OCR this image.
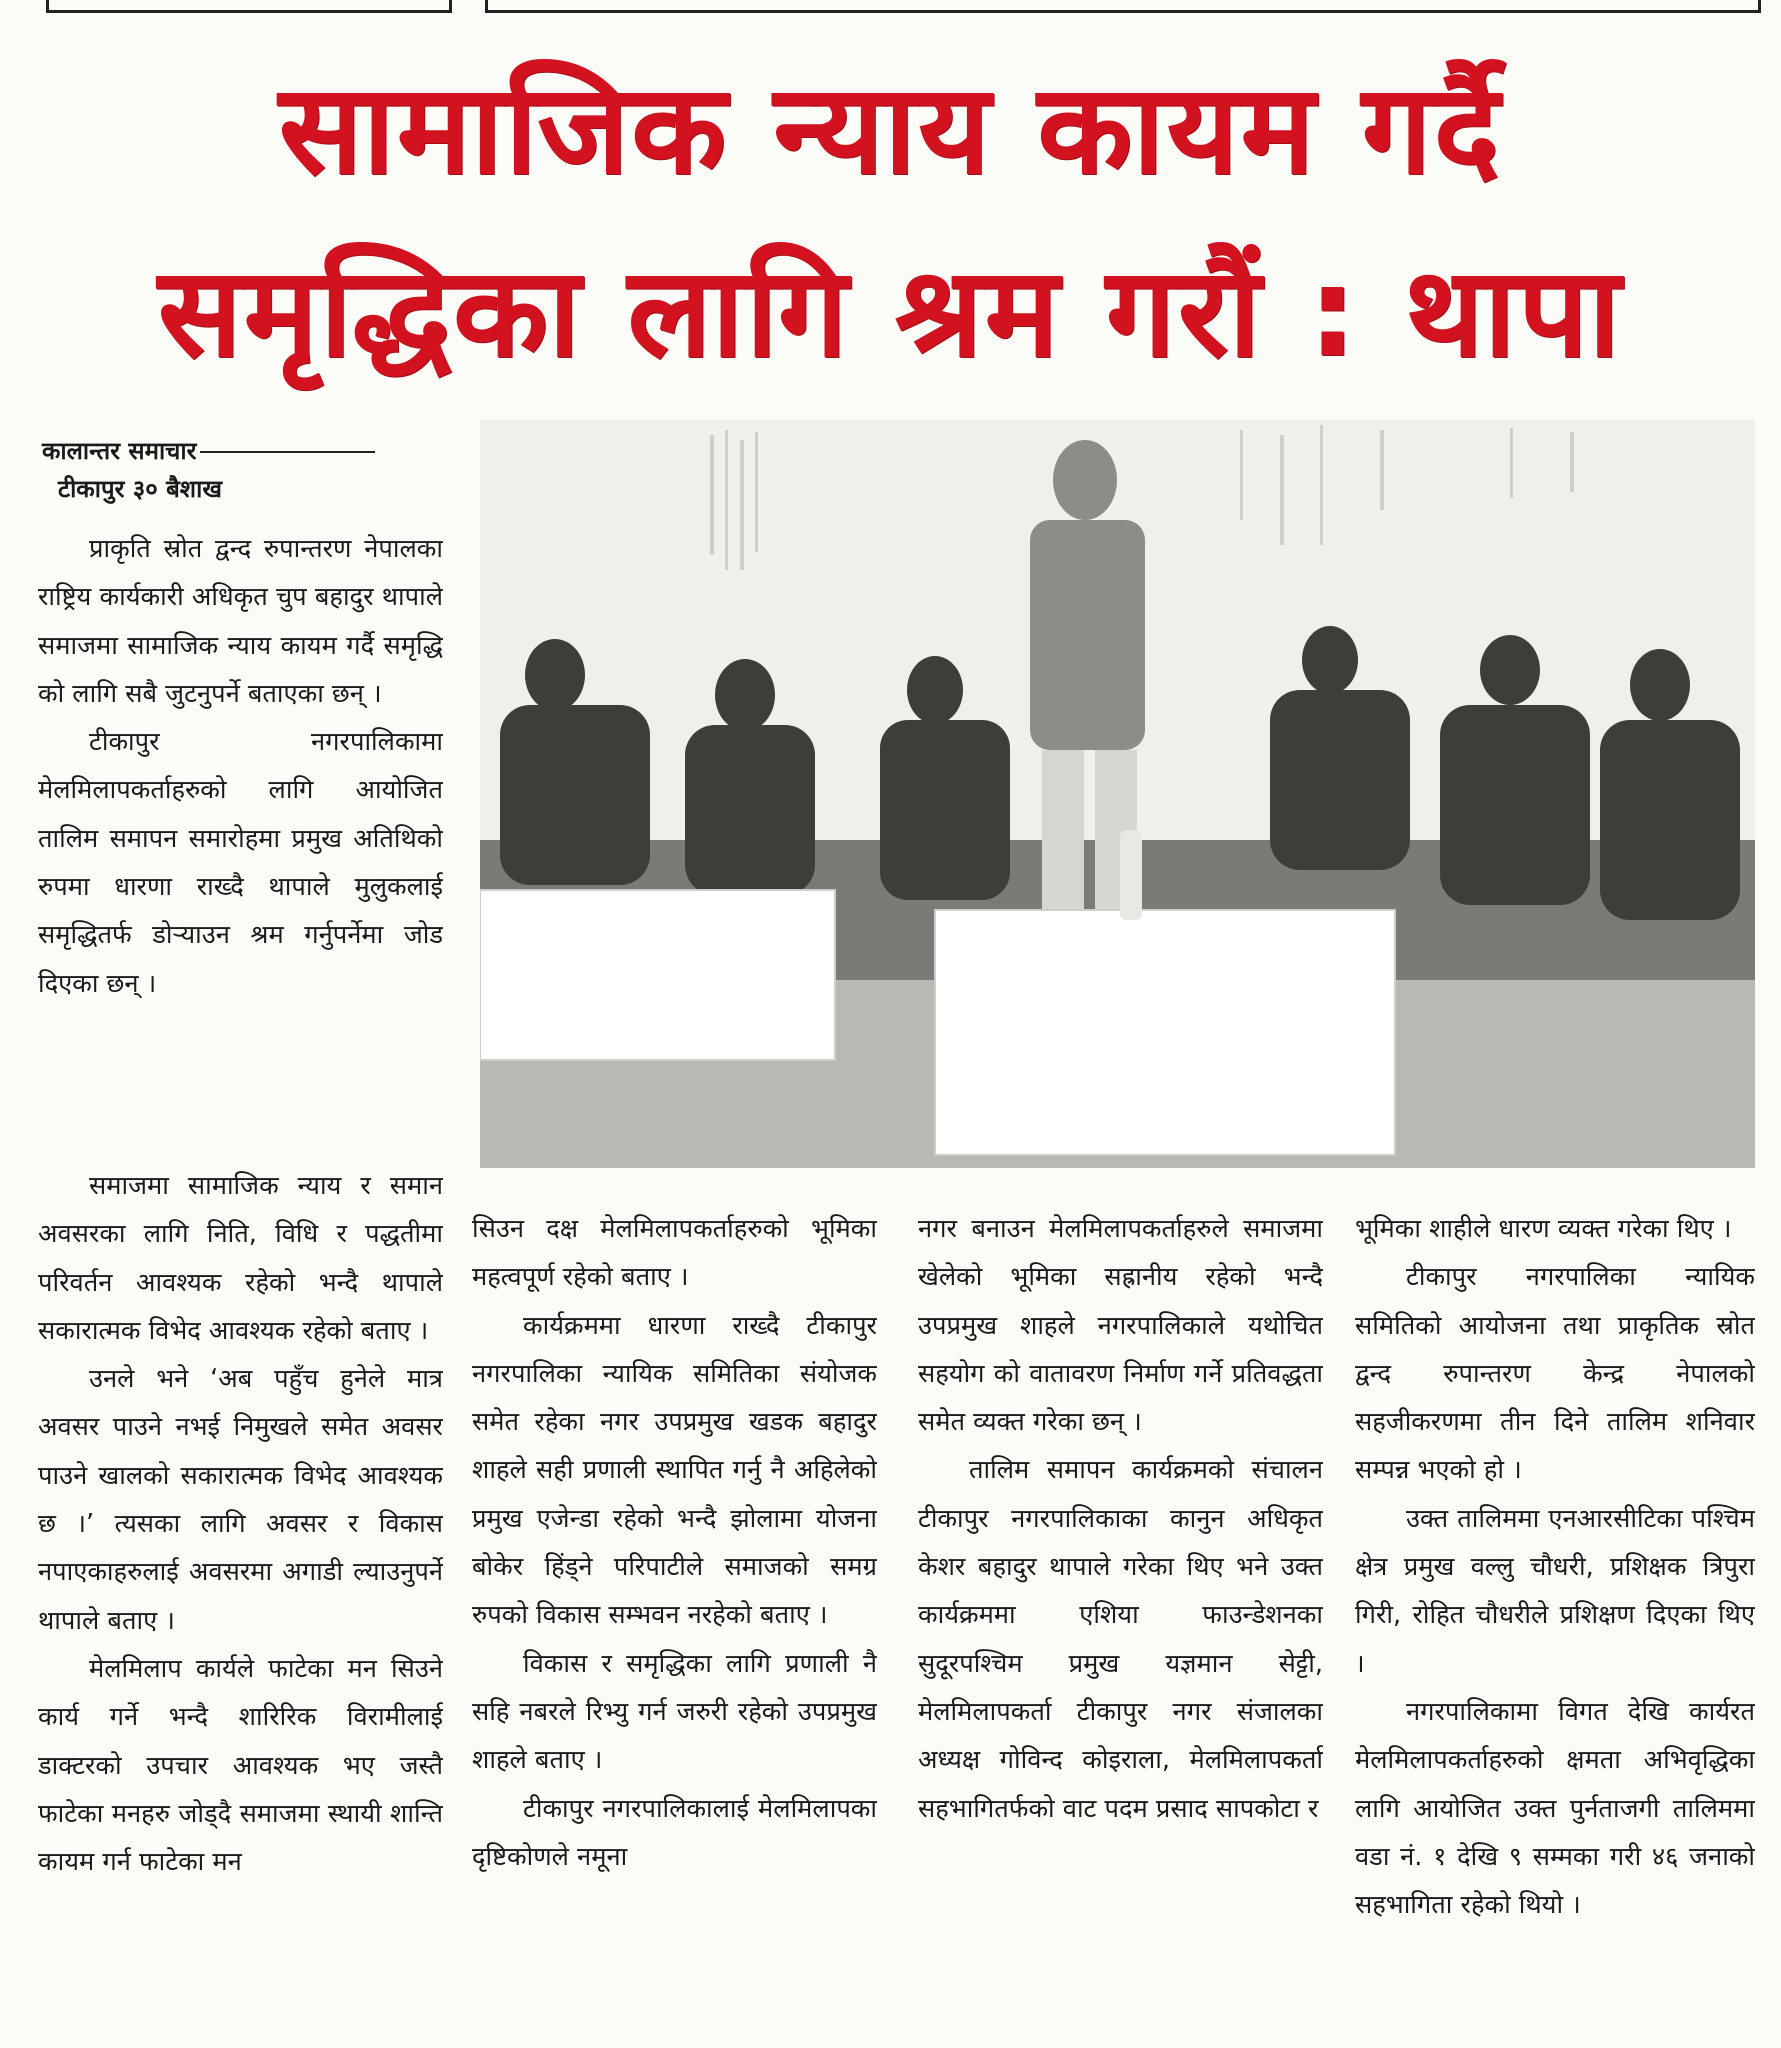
सामाजिक न्याय कायम गर्दै
समृद्धिका लागि श्रम गरौं : थापा
कालान्तर समाचार
टीकापुर ३० बैशाख

प्राकृति स्रोत द्वन्द रुपान्तरण नेपालका राष्ट्रिय कार्यकारी अधिकृत चुप बहादुर थापाले समाजमा सामाजिक न्याय कायम गर्दै समृद्धि को लागि सबै जुटनुपर्ने बताएका छन् ।

टीकापुर नगरपालिकामा मेलमिलापकर्ताहरुको लागि आयोजित तालिम समापन समारोहमा प्रमुख अतिथिको रुपमा धारणा राख्दै थापाले मुलुकलाई समृद्धितर्फ डोर्‍याउन श्रम गर्नुपर्नेमा जोड दिएका छन् ।

समाजमा सामाजिक न्याय र समान अवसरका लागि निति, विधि र पद्धतीमा परिवर्तन आवश्यक रहेको भन्दै थापाले सकारात्मक विभेद आवश्यक रहेको बताए ।

उनले भने ‘अब पहुँच हुनेले मात्र अवसर पाउने नभई निमुखले समेत अवसर पाउने खालको सकारात्मक विभेद आवश्यक छ ।’ त्यसका लागि अवसर र विकास नपाएकाहरुलाई अवसरमा अगाडी ल्याउनुपर्ने थापाले बताए ।

मेलमिलाप कार्यले फाटेका मन सिउने कार्य गर्ने भन्दै शारिरिक विरामीलाई डाक्टरको उपचार आवश्यक भए जस्तै फाटेका मनहरु जोड्दै समाजमा स्थायी शान्ति कायम गर्न फाटेका मन

सिउन दक्ष मेलमिलापकर्ताहरुको भूमिका महत्वपूर्ण रहेको बताए ।

कार्यक्रममा धारणा राख्दै टीकापुर नगरपालिका न्यायिक समितिका संयोजक समेत रहेका नगर उपप्रमुख खडक बहादुर शाहले सही प्रणाली स्थापित गर्नु नै अहिलेको प्रमुख एजेन्डा रहेको भन्दै झोलामा योजना बोकेर हिंड्ने परिपाटीले समाजको समग्र रुपको विकास सम्भवन नरहेको बताए ।

विकास र समृद्धिका लागि प्रणाली नै सहि नबरले रिभ्यु गर्न जरुरी रहेको उपप्रमुख शाहले बताए ।

टीकापुर नगरपालिकालाई मेलमिलापका दृष्टिकोणले नमूना

नगर बनाउन मेलमिलापकर्ताहरुले समाजमा खेलेको भूमिका सह्रानीय रहेको भन्दै उपप्रमुख शाहले नगरपालिकाले यथोचित सहयोग को वातावरण निर्माण गर्ने प्रतिवद्धता समेत व्यक्त गरेका छन् ।

तालिम समापन कार्यक्रमको संचालन टीकापुर नगरपालिकाका कानुन अधिकृत केशर बहादुर थापाले गरेका थिए भने उक्त कार्यक्रममा एशिया फाउन्डेशनका सुदूरपश्चिम प्रमुख यज्ञमान सेट्टी, मेलमिलापकर्ता टीकापुर नगर संजालका अध्यक्ष गोविन्द कोइराला, मेलमिलापकर्ता सहभागितर्फको वाट पदम प्रसाद सापकोटा र

भूमिका शाहीले धारण व्यक्त गरेका थिए ।

टीकापुर नगरपालिका न्यायिक समितिको आयोजना तथा प्राकृतिक स्रोत द्वन्द रुपान्तरण केन्द्र नेपालको सहजीकरणमा तीन दिने तालिम शनिवार सम्पन्न भएको हो ।

उक्त तालिममा एनआरसीटिका पश्चिम क्षेत्र प्रमुख वल्लु चौधरी, प्रशिक्षक त्रिपुरा गिरी, रोहित चौधरीले प्रशिक्षण दिएका थिए ।

नगरपालिकामा विगत देखि कार्यरत मेलमिलापकर्ताहरुको क्षमता अभिवृद्धिका लागि आयोजित उक्त पुर्नताजगी तालिममा वडा नं. १ देखि ९ सम्मका गरी ४६ जनाको सहभागिता रहेको थियो ।
